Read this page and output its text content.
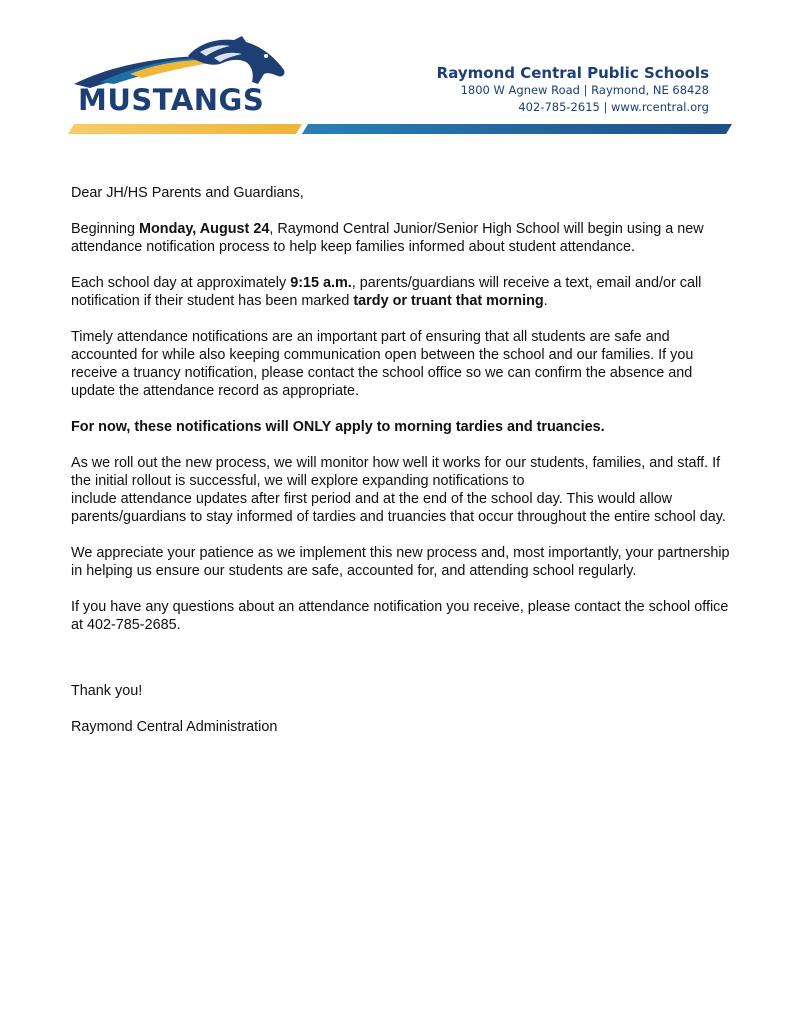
MUSTANGS
Raymond Central Public Schools
1800 W Agnew Road | Raymond, NE 68428
402-785-2615 | www.rcentral.org

Dear JH/HS Parents and Guardians,

Beginning Monday, August 24, Raymond Central Junior/Senior High School will begin using a new attendance notification process to help keep families informed about student attendance.

Each school day at approximately 9:15 a.m., parents/guardians will receive a text, email and/or call notification if their student has been marked tardy or truant that morning.

Timely attendance notifications are an important part of ensuring that all students are safe and accounted for while also keeping communication open between the school and our families. If you receive a truancy notification, please contact the school office so we can confirm the absence and update the attendance record as appropriate.

For now, these notifications will ONLY apply to morning tardies and truancies.

As we roll out the new process, we will monitor how well it works for our students, families, and staff. If the initial rollout is successful, we will explore expanding notifications to
include attendance updates after first period and at the end of the school day. This would allow parents/guardians to stay informed of tardies and truancies that occur throughout the entire school day.

We appreciate your patience as we implement this new process and, most importantly, your partnership in helping us ensure our students are safe, accounted for, and attending school regularly.

If you have any questions about an attendance notification you receive, please contact the school office at 402-785-2685.

Thank you!

Raymond Central Administration
